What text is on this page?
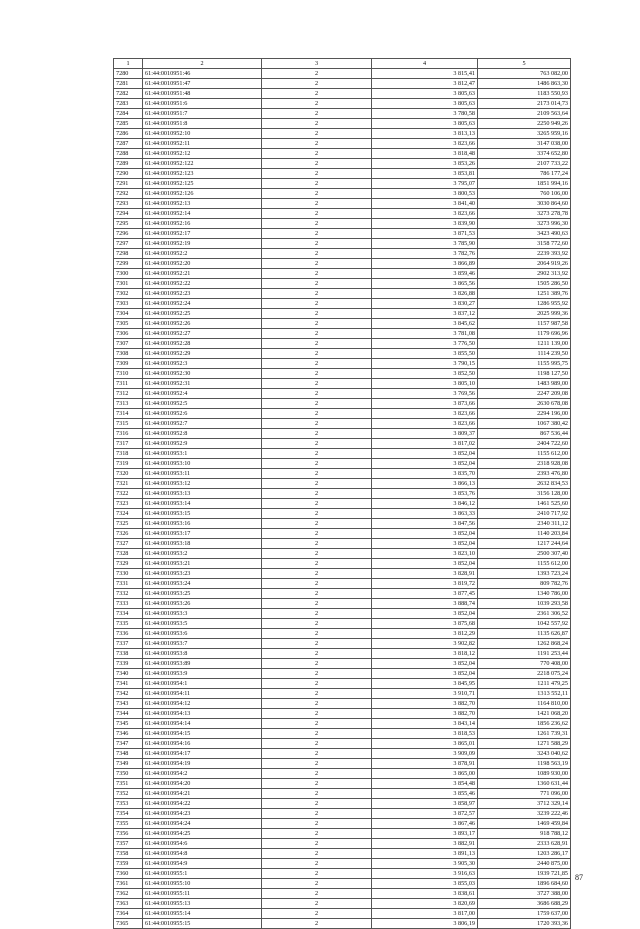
1	2	3	4	5
7280	61:44:0010951:46	2	3 815,41	763 082,00
7281	61:44:0010951:47	2	3 812,47	1486 863,30
7282	61:44:0010951:48	2	3 805,63	1183 550,93
7283	61:44:0010951:6	2	3 805,63	2173 014,73
7284	61:44:0010951:7	2	3 780,58	2109 563,64
7285	61:44:0010951:8	2	3 805,63	2250 949,26
7286	61:44:0010952:10	2	3 813,13	3265 959,16
7287	61:44:0010952:11	2	3 823,66	3147 038,00
7288	61:44:0010952:12	2	3 818,48	3374 652,80
7289	61:44:0010952:122	2	3 853,26	2107 733,22
7290	61:44:0010952:123	2	3 853,81	786 177,24
7291	61:44:0010952:125	2	3 795,07	1851 994,16
7292	61:44:0010952:126	2	3 800,53	760 106,00
7293	61:44:0010952:13	2	3 841,40	3030 864,60
7294	61:44:0010952:14	2	3 823,66	3273 278,78
7295	61:44:0010952:16	2	3 839,90	3273 996,30
7296	61:44:0010952:17	2	3 871,53	3423 490,63
7297	61:44:0010952:19	2	3 785,90	3158 772,60
7298	61:44:0010952:2	2	3 782,76	2239 393,92
7299	61:44:0010952:20	2	3 866,89	2064 919,26
7300	61:44:0010952:21	2	3 859,46	2902 313,92
7301	61:44:0010952:22	2	3 865,56	1505 286,50
7302	61:44:0010952:23	2	3 826,88	1251 389,76
7303	61:44:0010952:24	2	3 830,27	1286 955,92
7304	61:44:0010952:25	2	3 837,12	2025 999,36
7305	61:44:0010952:26	2	3 845,62	1157 987,58
7306	61:44:0010952:27	2	3 781,08	1179 696,96
7307	61:44:0010952:28	2	3 776,50	1211 139,00
7308	61:44:0010952:29	2	3 855,50	1114 239,50
7309	61:44:0010952:3	2	3 790,15	1155 995,75
7310	61:44:0010952:30	2	3 852,50	1198 127,50
7311	61:44:0010952:31	2	3 805,10	1483 989,00
7312	61:44:0010952:4	2	3 769,56	2247 209,08
7313	61:44:0010952:5	2	3 873,66	2630 678,08
7314	61:44:0010952:6	2	3 823,66	2294 196,00
7315	61:44:0010952:7	2	3 823,66	1067 380,42
7316	61:44:0010952:8	2	3 809,37	867 536,44
7317	61:44:0010952:9	2	3 817,02	2404 722,60
7318	61:44:0010953:1	2	3 852,04	1155 612,00
7319	61:44:0010953:10	2	3 852,04	2318 928,08
7320	61:44:0010953:11	2	3 835,70	2393 476,80
7321	61:44:0010953:12	2	3 866,13	2632 834,53
7322	61:44:0010953:13	2	3 853,76	3156 128,00
7323	61:44:0010953:14	2	3 846,12	1461 525,60
7324	61:44:0010953:15	2	3 863,33	2410 717,92
7325	61:44:0010953:16	2	3 847,56	2340 311,12
7326	61:44:0010953:17	2	3 852,04	1140 203,84
7327	61:44:0010953:18	2	3 852,04	1217 244,64
7328	61:44:0010953:2	2	3 823,10	2500 307,40
7329	61:44:0010953:21	2	3 852,04	1155 612,00
7330	61:44:0010953:23	2	3 828,91	1393 723,24
7331	61:44:0010953:24	2	3 819,72	809 782,76
7332	61:44:0010953:25	2	3 877,45	1340 786,00
7333	61:44:0010953:26	2	3 888,74	1039 293,58
7334	61:44:0010953:3	2	3 852,04	2361 306,52
7335	61:44:0010953:5	2	3 875,68	1042 557,92
7336	61:44:0010953:6	2	3 812,29	1135 626,87
7337	61:44:0010953:7	2	3 902,82	1262 868,24
7338	61:44:0010953:8	2	3 818,12	1191 253,44
7339	61:44:0010953:89	2	3 852,04	770 408,00
7340	61:44:0010953:9	2	3 852,04	2218 075,24
7341	61:44:0010954:1	2	3 845,95	1211 479,25
7342	61:44:0010954:11	2	3 910,71	1313 552,11
7343	61:44:0010954:12	2	3 882,70	1164 810,00
7344	61:44:0010954:13	2	3 882,70	1421 068,20
7345	61:44:0010954:14	2	3 843,14	1856 236,62
7346	61:44:0010954:15	2	3 818,53	1261 739,31
7347	61:44:0010954:16	2	3 865,01	1271 588,29
7348	61:44:0010954:17	2	3 909,09	3243 040,62
7349	61:44:0010954:19	2	3 878,91	1198 563,19
7350	61:44:0010954:2	2	3 865,00	1089 930,00
7351	61:44:0010954:20	2	3 854,48	1360 631,44
7352	61:44:0010954:21	2	3 855,46	771 096,00
7353	61:44:0010954:22	2	3 858,97	3712 329,14
7354	61:44:0010954:23	2	3 872,57	3239 222,46
7355	61:44:0010954:24	2	3 867,46	1469 459,84
7356	61:44:0010954:25	2	3 893,17	918 788,12
7357	61:44:0010954:6	2	3 882,91	2333 628,91
7358	61:44:0010954:8	2	3 891,13	1203 286,17
7359	61:44:0010954:9	2	3 905,30	2440 875,00
7360	61:44:0010955:1	2	3 916,63	1939 721,85
7361	61:44:0010955:10	2	3 855,03	1896 684,60
7362	61:44:0010955:11	2	3 838,61	3727 388,00
7363	61:44:0010955:13	2	3 820,69	3686 688,29
7364	61:44:0010955:14	2	3 817,00	1759 637,00
7365	61:44:0010955:15	2	3 806,19	1720 393,36
87
